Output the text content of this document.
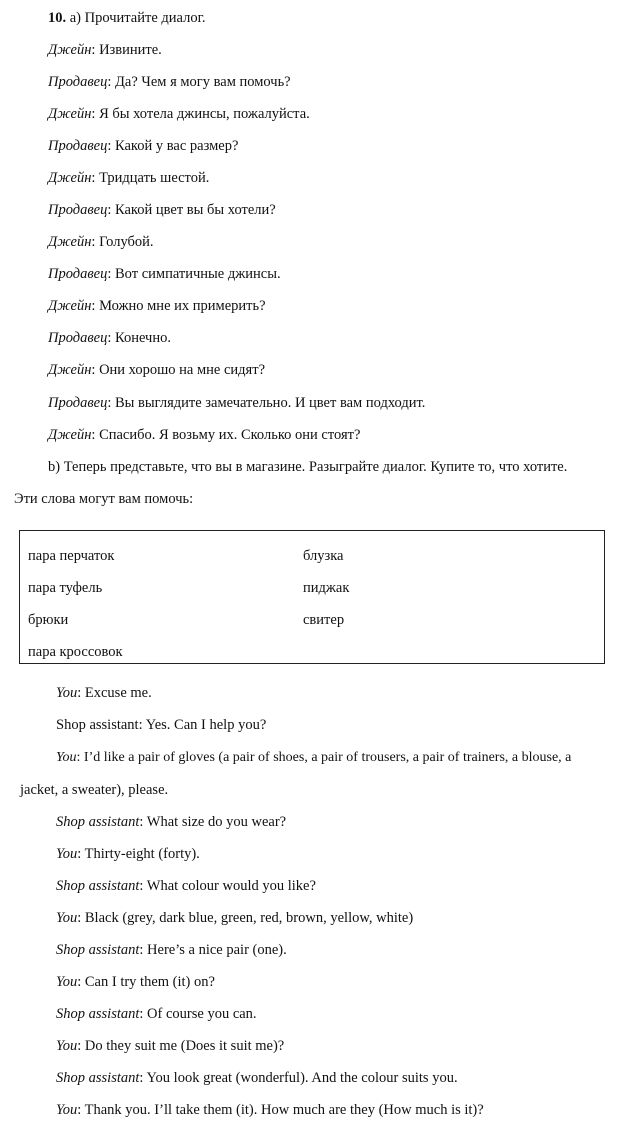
10. a) Прочитайте диалог.
Джейн: Извините.
Продавец: Да? Чем я могу вам помочь?
Джейн: Я бы хотела джинсы, пожалуйста.
Продавец: Какой у вас размер?
Джейн: Тридцать шестой.
Продавец: Какой цвет вы бы хотели?
Джейн: Голубой.
Продавец: Вот симпатичные джинсы.
Джейн: Можно мне их примерить?
Продавец: Конечно.
Джейн: Они хорошо на мне сидят?
Продавец: Вы выглядите замечательно. И цвет вам подходит.
Джейн: Спасибо. Я возьму их. Сколько они стоят?
b) Теперь представьте, что вы в магазине. Разыграйте диалог. Купите то, что хотите.
Эти слова могут вам помочь:
пара перчаток
пара туфель
брюки
пара кроссовок
блузка
пиджак
свитер
You: Excuse me.
Shop assistant: Yes. Can I help you?
You: I’d like a pair of gloves (a pair of shoes, a pair of trousers, a pair of trainers, a blouse, a
jacket, a sweater), please.
Shop assistant: What size do you wear?
You: Thirty-eight (forty).
Shop assistant: What colour would you like?
You: Black (grey, dark blue, green, red, brown, yellow, white)
Shop assistant: Here’s a nice pair (one).
You: Can I try them (it) on?
Shop assistant: Of course you can.
You: Do they suit me (Does it suit me)?
Shop assistant: You look great (wonderful). And the colour suits you.
You: Thank you. I’ll take them (it). How much are they (How much is it)?
